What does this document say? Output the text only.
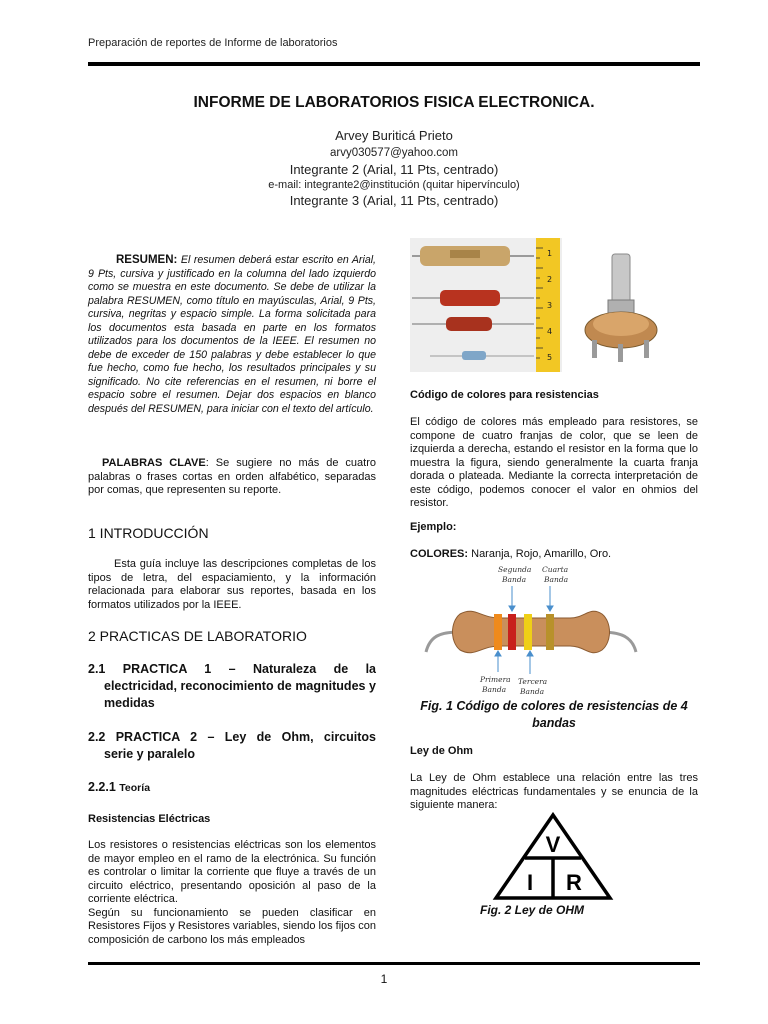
Preparación de reportes de Informe de laboratorios
INFORME DE LABORATORIOS FISICA ELECTRONICA.
Arvey Buriticá Prieto
arvy030577@yahoo.com
Integrante 2 (Arial, 11 Pts, centrado)
e-mail: integrante2@institución (quitar hipervínculo)
Integrante 3 (Arial, 11 Pts, centrado)
RESUMEN: El resumen deberá estar escrito en Arial, 9 Pts, cursiva y justificado en la columna del lado izquierdo como se muestra en este documento. Se debe de utilizar la palabra RESUMEN, como título en mayúsculas, Arial, 9 Pts, cursiva, negritas y espacio simple. La forma solicitada para los documentos esta basada en parte en los formatos utilizados para los documentos de la IEEE. El resumen no debe de exceder de 150 palabras y debe establecer lo que fue hecho, como fue hecho, los resultados principales y su significado. No cite referencias en el resumen, ni borre el espacio sobre el resumen. Dejar dos espacios en blanco después del RESUMEN, para iniciar con el texto del artículo.
PALABRAS CLAVE: Se sugiere no más de cuatro palabras o frases cortas en orden alfabético, separadas por comas, que representen su reporte.
1 INTRODUCCIÓN
Esta guía incluye las descripciones completas de los tipos de letra, del espaciamiento, y la información relacionada para elaborar sus reportes, basada en los formatos utilizados por la IEEE.
2 PRACTICAS DE LABORATORIO
2.1 PRACTICA 1 – Naturaleza de la
electricidad, reconocimiento de magnitudes y medidas
2.2 PRACTICA 2 – Ley de Ohm, circuitos
serie y paralelo
2.2.1 Teoría
Resistencias Eléctricas
Los resistores o resistencias eléctricas son los elementos de mayor empleo en el ramo de la electrónica. Su función es controlar o limitar la corriente que fluye a través de un circuito eléctrico, presentando oposición al paso de la corriente eléctrica.
Según su funcionamiento se pueden clasificar en Resistores Fijos y Resistores variables, siendo los fijos con composición de carbono los más empleados
1
2
3
4
5
Código de colores para resistencias
El código de colores más empleado para resistores, se compone de cuatro franjas de color, que se leen de izquierda a derecha, estando el resistor en la forma que lo muestra la figura, siendo generalmente la cuarta franja dorada o plateada. Mediante la correcta interpretación de este código, podemos conocer el valor en ohmios del resistor.
Ejemplo:
COLORES: Naranja, Rojo, Amarillo, Oro.
Segunda
Banda
Cuarta
Banda
Primera
Banda
Tercera
Banda
Fig. 1 Código de colores de resistencias de 4 bandas
Ley de Ohm
La Ley de Ohm establece una relación entre las tres magnitudes eléctricas fundamentales y se enuncia de la siguiente manera:
V
I R
Fig. 2 Ley de OHM
1
